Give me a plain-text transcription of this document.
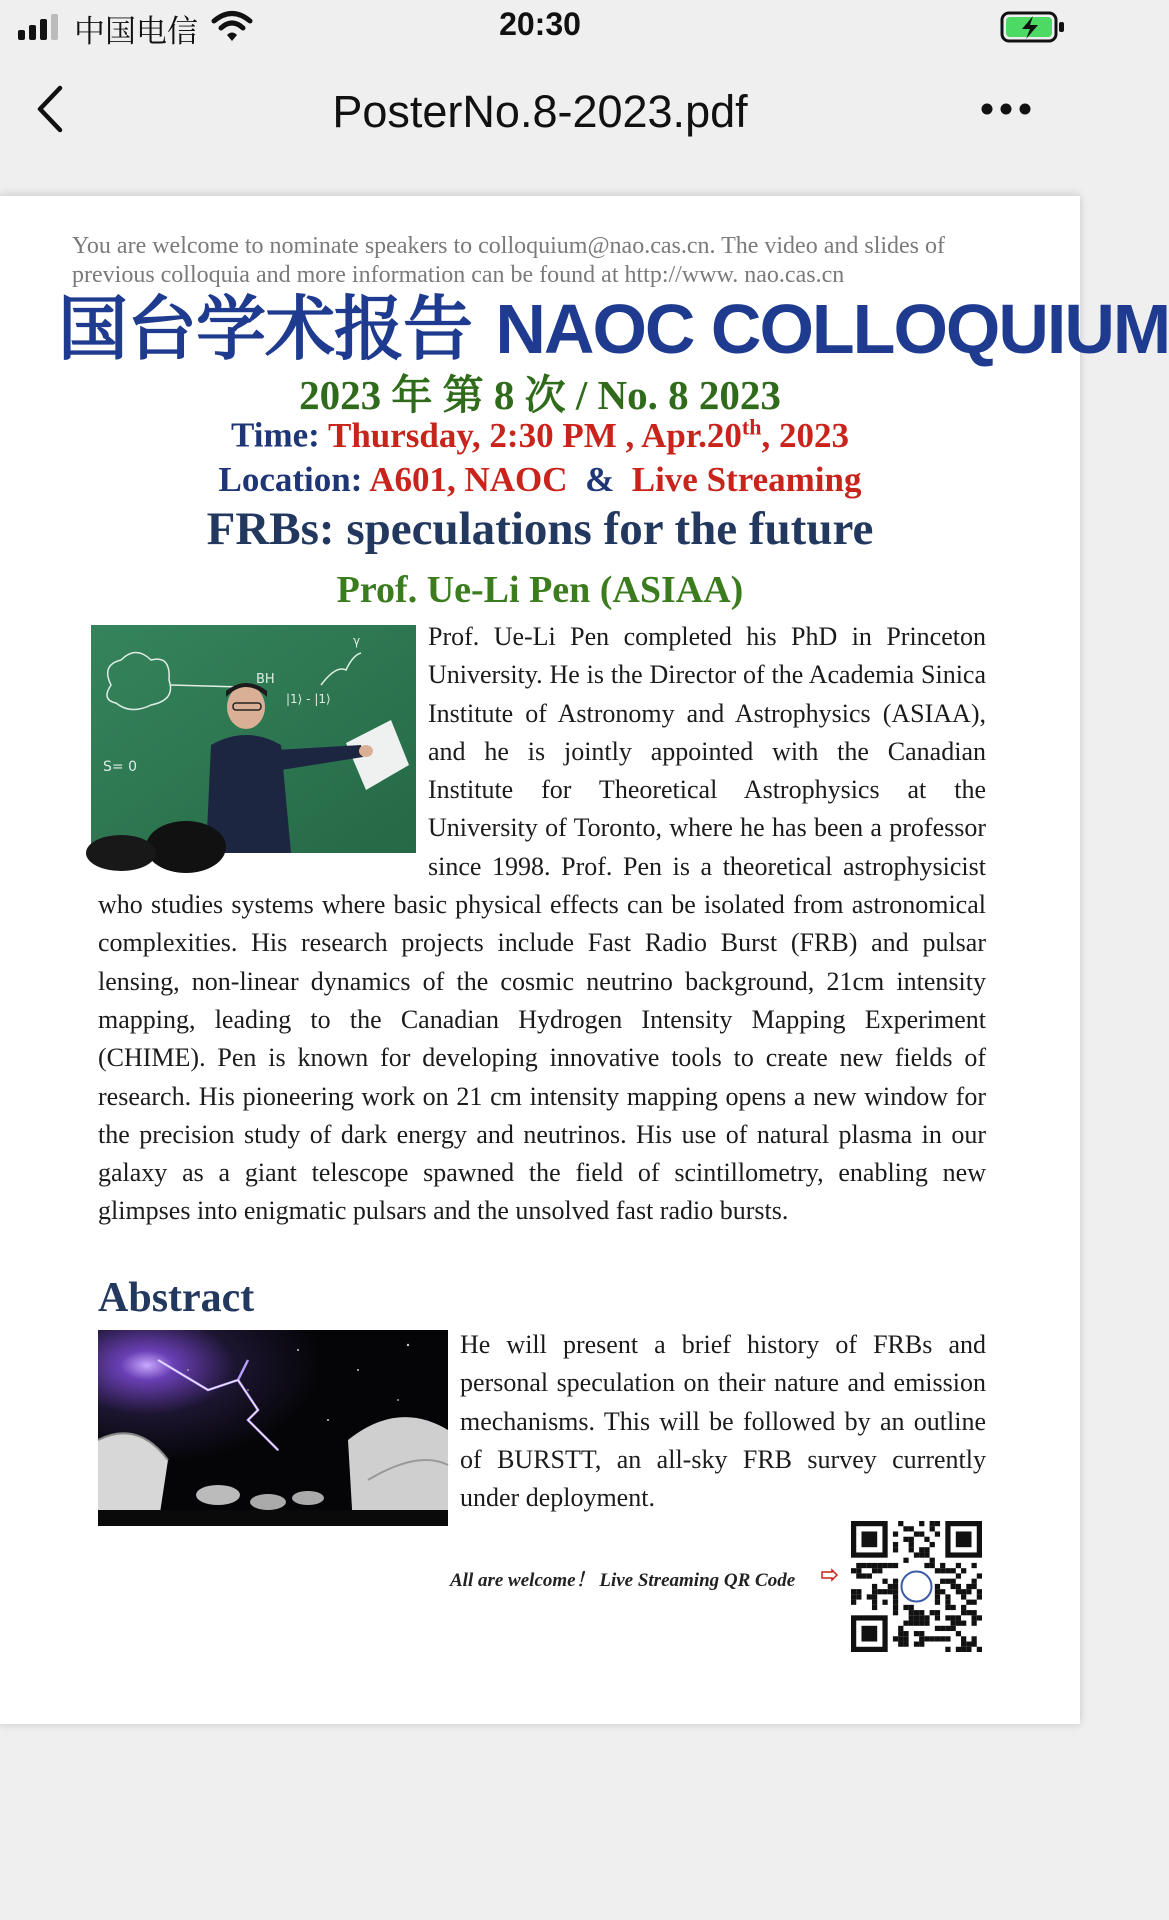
中国电信	20:30
PosterNo.8-2023.pdf
You are welcome to nominate speakers to colloquium@nao.cas.cn. The video and slides of previous colloquia and more information can be found at http://www. nao.cas.cn
国台学术报告 NAOC COLLOQUIUM
2023 年 第 8 次 / No. 8 2023
Time: Thursday, 2:30 PM , Apr.20th, 2023
Location: A601, NAOC & Live Streaming
FRBs: speculations for the future
Prof. Ue-Li Pen (ASIAA)
BH
|1⟩ - |1⟩
S= 0
γ	Prof. Ue-Li Pen completed his PhD in Princeton University. He is the Director of the Academia Sinica Institute of Astronomy and Astrophysics (ASIAA), and he is jointly appointed with the Canadian Institute for Theoretical Astrophysics at the University of Toronto, where he has been a professor since 1998. Prof. Pen is a theoretical astrophysicist who studies systems where basic physical effects can be isolated from astronomical complexities. His research projects include Fast Radio Burst (FRB) and pulsar lensing, non-linear dynamics of the cosmic neutrino background, 21cm intensity mapping, leading to the Canadian Hydrogen Intensity Mapping Experiment (CHIME). Pen is known for developing innovative tools to create new fields of research. His pioneering work on 21 cm intensity mapping opens a new window for the precision study of dark energy and neutrinos. His use of natural plasma in our galaxy as a giant telescope spawned the field of scintillometry, enabling new glimpses into enigmatic pulsars and the unsolved fast radio bursts.
Abstract
He will present a brief history of FRBs and personal speculation on their nature and emission mechanisms. This will be followed by an outline of BURSTT, an all-sky FRB survey currently under deployment.
All are welcome！ Live Streaming QR Code
